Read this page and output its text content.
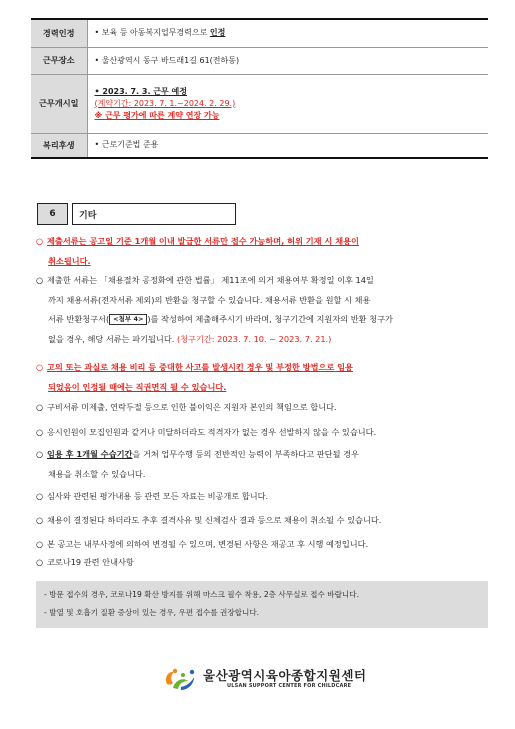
경력인정	• 보육 등 아동복지업무경력으로 인정

근무장소	• 울산광역시 동구 바드래1길 61(전하동)

근무개시일	• 2023. 7. 3. 근무 예정
(계약기간: 2023. 7. 1.~2024. 2. 29.)
※ 근무 평가에 따른 계약 연장 가능

복리후생	• 근로기준법 준용
6	기타
○ 제출서류는 공고일 기준 1개월 이내 발급한 서류만 접수 가능하며, 허위 기재 시 채용이
취소됩니다.
○ 제출한 서류는 「채용절차 공정화에 관한 법률」 제11조에 의거 채용여부 확정일 이후 14일
까지 채용서류(전자서류 제외)의 반환을 청구할 수 있습니다. 채용서류 반환을 원할 시 채용
서류 반환청구서( <첨부 4> )를 작성하여 제출해주시기 바라며, 청구기간에 지원자의 반환 청구가
없을 경우, 해당 서류는 파기됩니다. (청구기간: 2023. 7. 10. ~ 2023. 7. 21.)
○ 고의 또는 과실로 채용 비리 등 중대한 사고를 발생시킨 경우 및 부정한 방법으로 임용
되었음이 인정될 때에는 직권면직 될 수 있습니다.
○ 구비서류 미제출, 연락두절 등으로 인한 불이익은 지원자 본인의 책임으로 합니다.
○ 응시인원이 모집인원과 같거나 미달하더라도 적격자가 없는 경우 선발하지 않을 수 있습니다.
○ 임용 후 1개월 수습기간을 거쳐 업무수행 등의 전반적인 능력이 부족하다고 판단될 경우
채용을 취소할 수 있습니다.
○ 심사와 관련된 평가내용 등 관련 모든 자료는 비공개로 합니다.
○ 채용이 결정된다 하더라도 추후 결격사유 및 신체검사 결과 등으로 채용이 취소될 수 있습니다.
○ 본 공고는 내부사정에 의하여 변경될 수 있으며, 변경된 사항은 재공고 후 시행 예정입니다.
○ 코로나19 관련 안내사항
- 방문 접수의 경우, 코로나19 확산 방지를 위해 마스크 필수 착용, 2층 사무실로 접수 바랍니다.
- 발열 및 호흡기 질환 증상이 있는 경우, 우편 접수를 권장합니다.
울산광역시육아종합지원센터
ULSAN SUPPORT CENTER FOR CHILDCARE
